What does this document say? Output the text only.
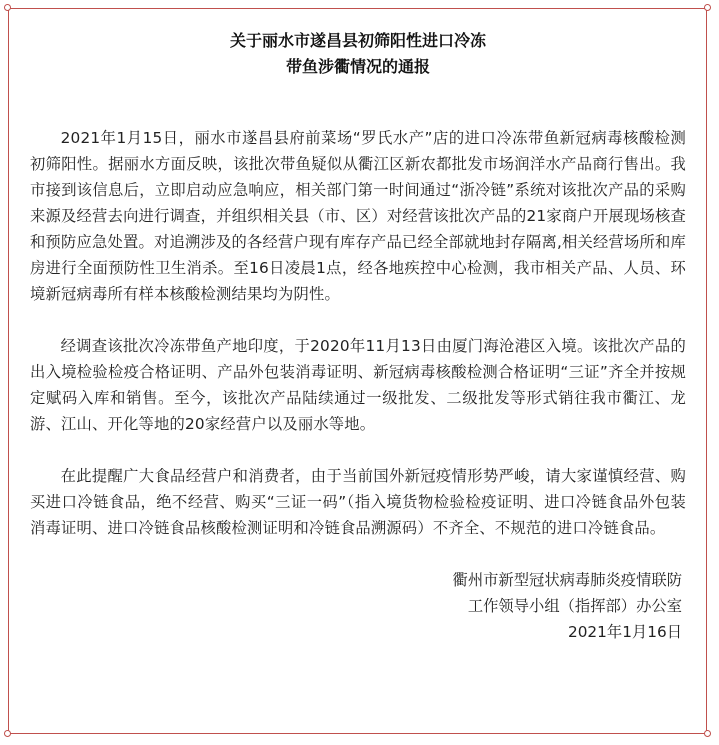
关于丽水市遂昌县初筛阳性进口冷冻
带鱼涉衢情况的通报

2021年1月15日，丽水市遂昌县府前菜场“罗氏水产”店的进口冷冻带鱼新冠病毒核酸检测初筛阳性。据丽水方面反映，该批次带鱼疑似从衢江区新农都批发市场润洋水产品商行售出。我市接到该信息后，立即启动应急响应，相关部门第一时间通过“浙冷链”系统对该批次产品的采购来源及经营去向进行调查，并组织相关县（市、区）对经营该批次产品的21家商户开展现场核查和预防应急处置。对追溯涉及的各经营户现有库存产品已经全部就地封存隔离,相关经营场所和库房进行全面预防性卫生消杀。至16日凌晨1点，经各地疾控中心检测，我市相关产品、人员、环境新冠病毒所有样本核酸检测结果均为阴性。

经调查该批次冷冻带鱼产地印度，于2020年11月13日由厦门海沧港区入境。该批次产品的出入境检验检疫合格证明、产品外包装消毒证明、新冠病毒核酸检测合格证明“三证”齐全并按规定赋码入库和销售。至今，该批次产品陆续通过一级批发、二级批发等形式销往我市衢江、龙游、江山、开化等地的20家经营户以及丽水等地。

在此提醒广大食品经营户和消费者，由于当前国外新冠疫情形势严峻，请大家谨慎经营、购买进口冷链食品，绝不经营、购买“三证一码”（指入境货物检验检疫证明、进口冷链食品外包装消毒证明、进口冷链食品核酸检测证明和冷链食品溯源码）不齐全、不规范的进口冷链食品。

衢州市新型冠状病毒肺炎疫情联防
工作领导小组（指挥部）办公室
2021年1月16日
